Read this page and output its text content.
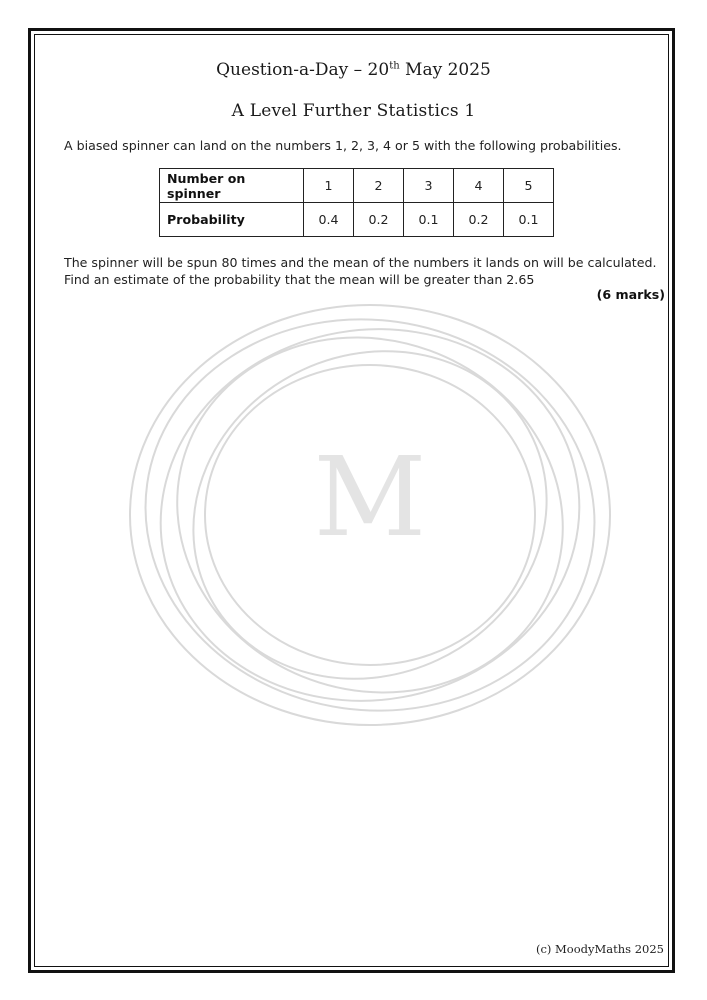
M
Question-a-Day – 20th May 2025
A Level Further Statistics 1
A biased spinner can land on the numbers 1, 2, 3, 4 or 5 with the following probabilities.
Number on spinner	1	2	3	4	5
Probability	0.4	0.2	0.1	0.2	0.1
The spinner will be spun 80 times and the mean of the numbers it lands on will be calculated.
Find an estimate of the probability that the mean will be greater than 2.65
(6 marks)
(c) MoodyMaths 2025
